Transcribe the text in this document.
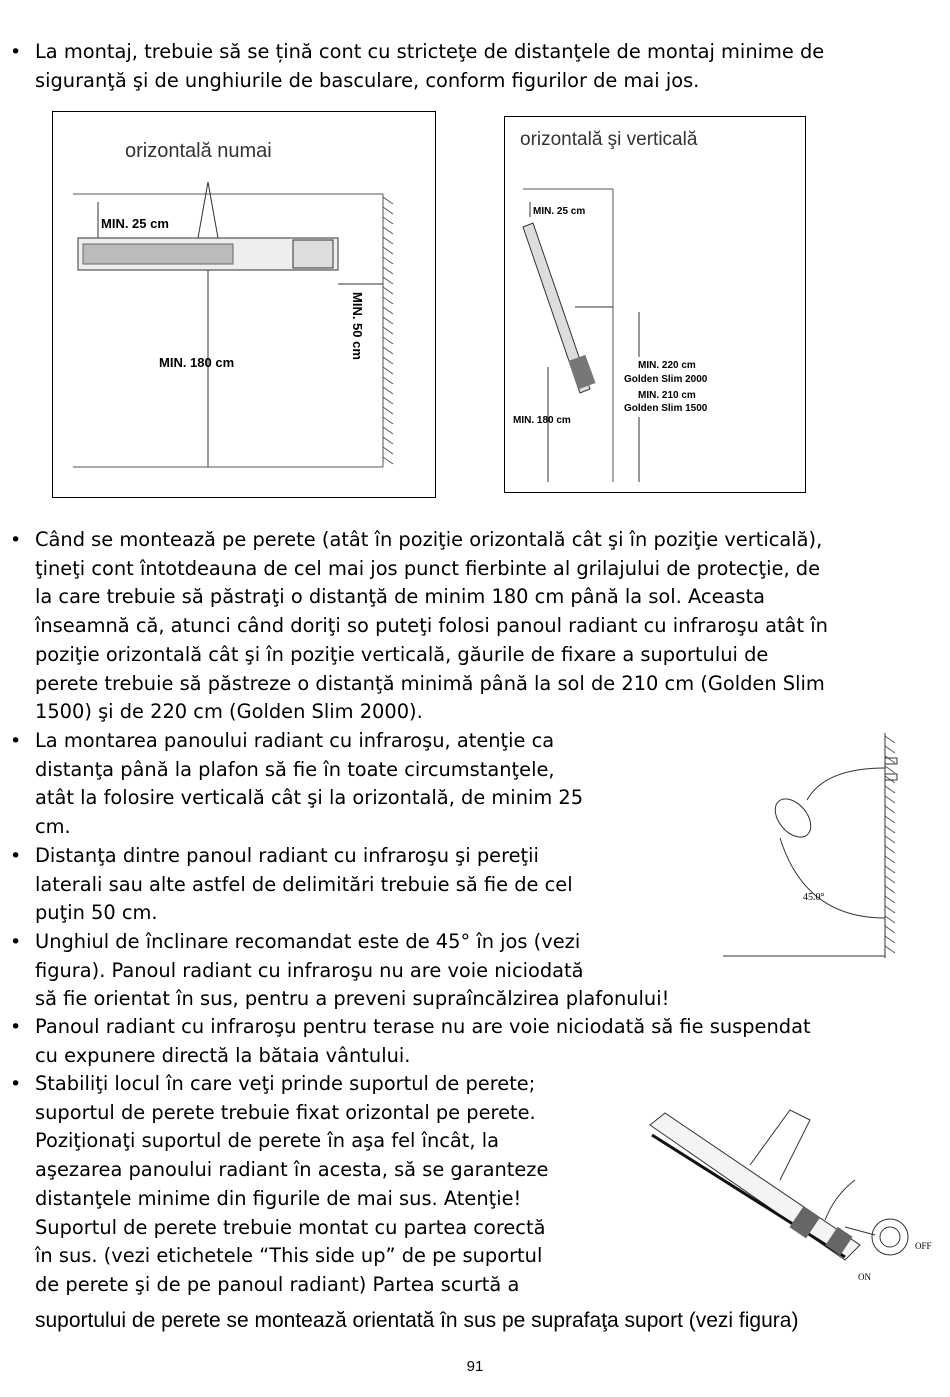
• La montaj, trebuie să se țină cont cu stricteţe de distanţele de montaj minime de
siguranţă şi de unghiurile de basculare, conform figurilor de mai jos.
• Când se montează pe perete (atât în poziţie orizontală cât şi în poziţie verticală),
ţineţi cont întotdeauna de cel mai jos punct fierbinte al grilajului de protecţie, de
la care trebuie să păstraţi o distanţă de minim 180 cm până la sol. Aceasta
înseamnă că, atunci când doriţi so puteţi folosi panoul radiant cu infraroşu atât în
poziţie orizontală cât şi în poziţie verticală, găurile de fixare a suportului de
perete trebuie să păstreze o distanţă minimă până la sol de 210 cm (Golden Slim
1500) şi de 220 cm (Golden Slim 2000).
• La montarea panoului radiant cu infraroşu, atenţie ca
distanţa până la plafon să fie în toate circumstanţele,
atât la folosire verticală cât şi la orizontală, de minim 25
cm.
• Distanţa dintre panoul radiant cu infraroşu şi pereţii
laterali sau alte astfel de delimitări trebuie să fie de cel
puţin 50 cm.
• Unghiul de înclinare recomandat este de 45° în jos (vezi
figura). Panoul radiant cu infraroşu nu are voie niciodată
să fie orientat în sus, pentru a preveni supraîncălzirea plafonului!
• Panoul radiant cu infraroşu pentru terase nu are voie niciodată să fie suspendat
cu expunere directă la bătaia vântului.
• Stabiliţi locul în care veţi prinde suportul de perete;
suportul de perete trebuie fixat orizontal pe perete.
Poziţionaţi suportul de perete în aşa fel încât, la
aşezarea panoului radiant în acesta, să se garanteze
distanţele minime din figurile de mai sus. Atenţie!
Suportul de perete trebuie montat cu partea corectă
în sus. (vezi etichetele “This side up” de pe suportul
de perete şi de pe panoul radiant) Partea scurtă a
orizontală numai
MIN. 25 cm
MIN. 50 cm
MIN. 180 cm
orizontală şi verticală
MIN. 25 cm
MIN. 220 cm
Golden Slim 2000
MIN. 210 cm
Golden Slim 1500
MIN. 180 cm
45.0°
OFF
ON
suportului de perete se montează orientată în sus pe suprafaţa suport (vezi figura)
91
